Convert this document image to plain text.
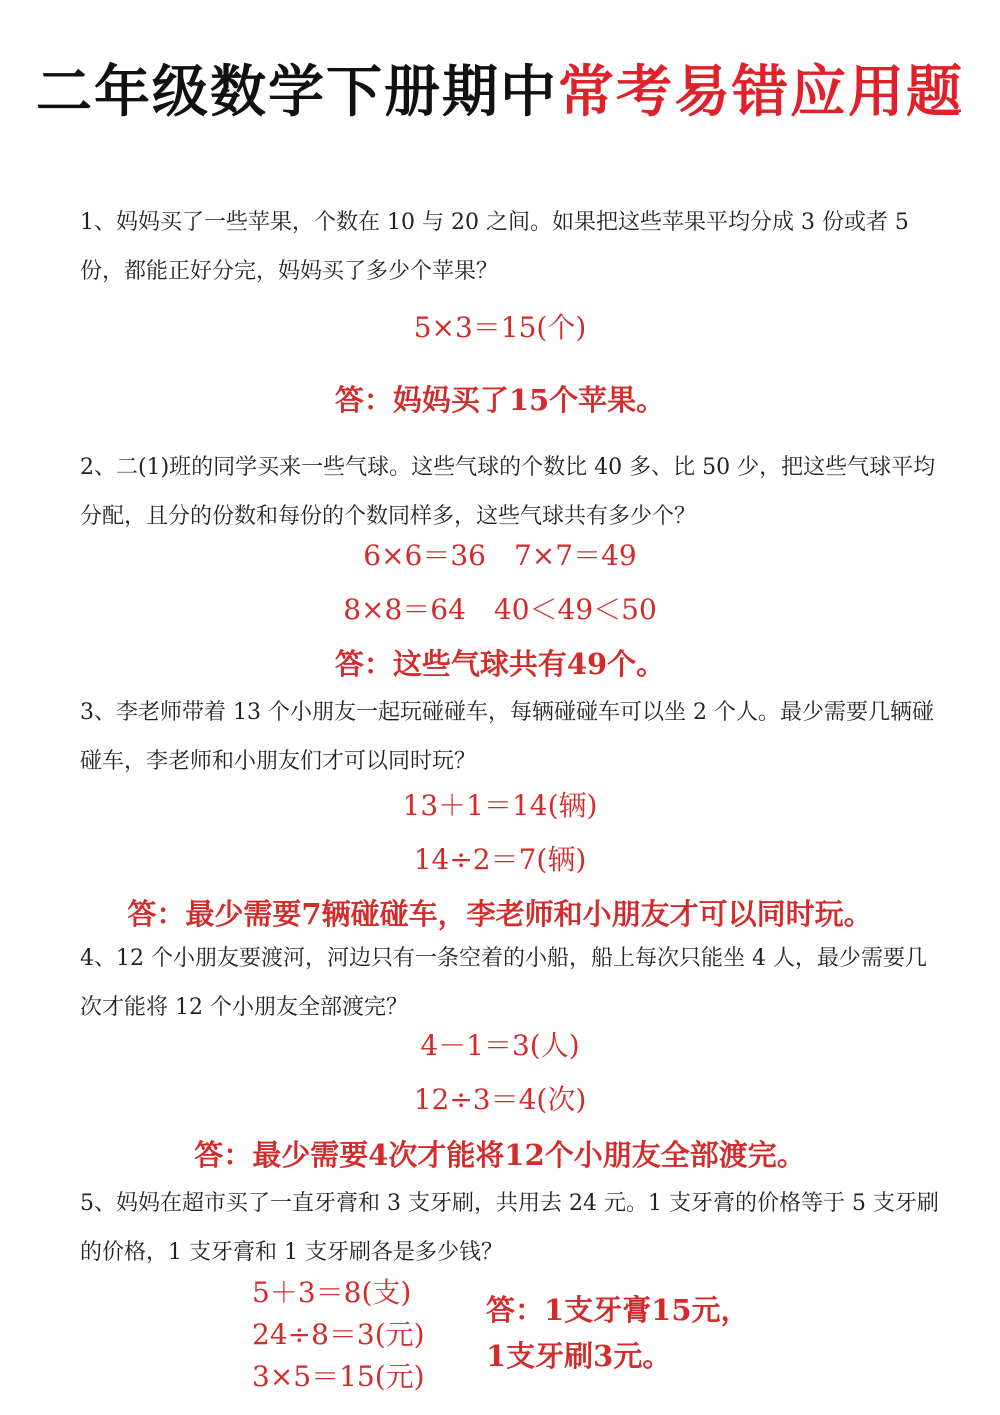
二年级数学下册期中常考易错应用题
1、妈妈买了一些苹果，个数在 10 与 20 之间。如果把这些苹果平均分成 3 份或者 5 份，都能正好分完，妈妈买了多少个苹果？
5×3＝15(个)
答：妈妈买了15个苹果。
2、二(1)班的同学买来一些气球。这些气球的个数比 40 多、比 50 少，把这些气球平均分配，且分的份数和每份的个数同样多，这些气球共有多少个？
6×6＝36　7×7＝49
8×8＝64　40＜49＜50
答：这些气球共有49个。
3、李老师带着 13 个小朋友一起玩碰碰车，每辆碰碰车可以坐 2 个人。最少需要几辆碰碰车，李老师和小朋友们才可以同时玩？
13＋1＝14(辆)
14÷2＝7(辆)
答：最少需要7辆碰碰车，李老师和小朋友才可以同时玩。
4、12 个小朋友要渡河，河边只有一条空着的小船，船上每次只能坐 4 人，最少需要几次才能将 12 个小朋友全部渡完？
4－1＝3(人)
12÷3＝4(次)
答：最少需要4次才能将12个小朋友全部渡完。
5、妈妈在超市买了一直牙膏和 3 支牙刷，共用去 24 元。1 支牙膏的价格等于 5 支牙刷的价格，1 支牙膏和 1 支牙刷各是多少钱？
5＋3＝8(支)
24÷8＝3(元)
3×5＝15(元)
答：1支牙膏15元，
1支牙刷3元。
